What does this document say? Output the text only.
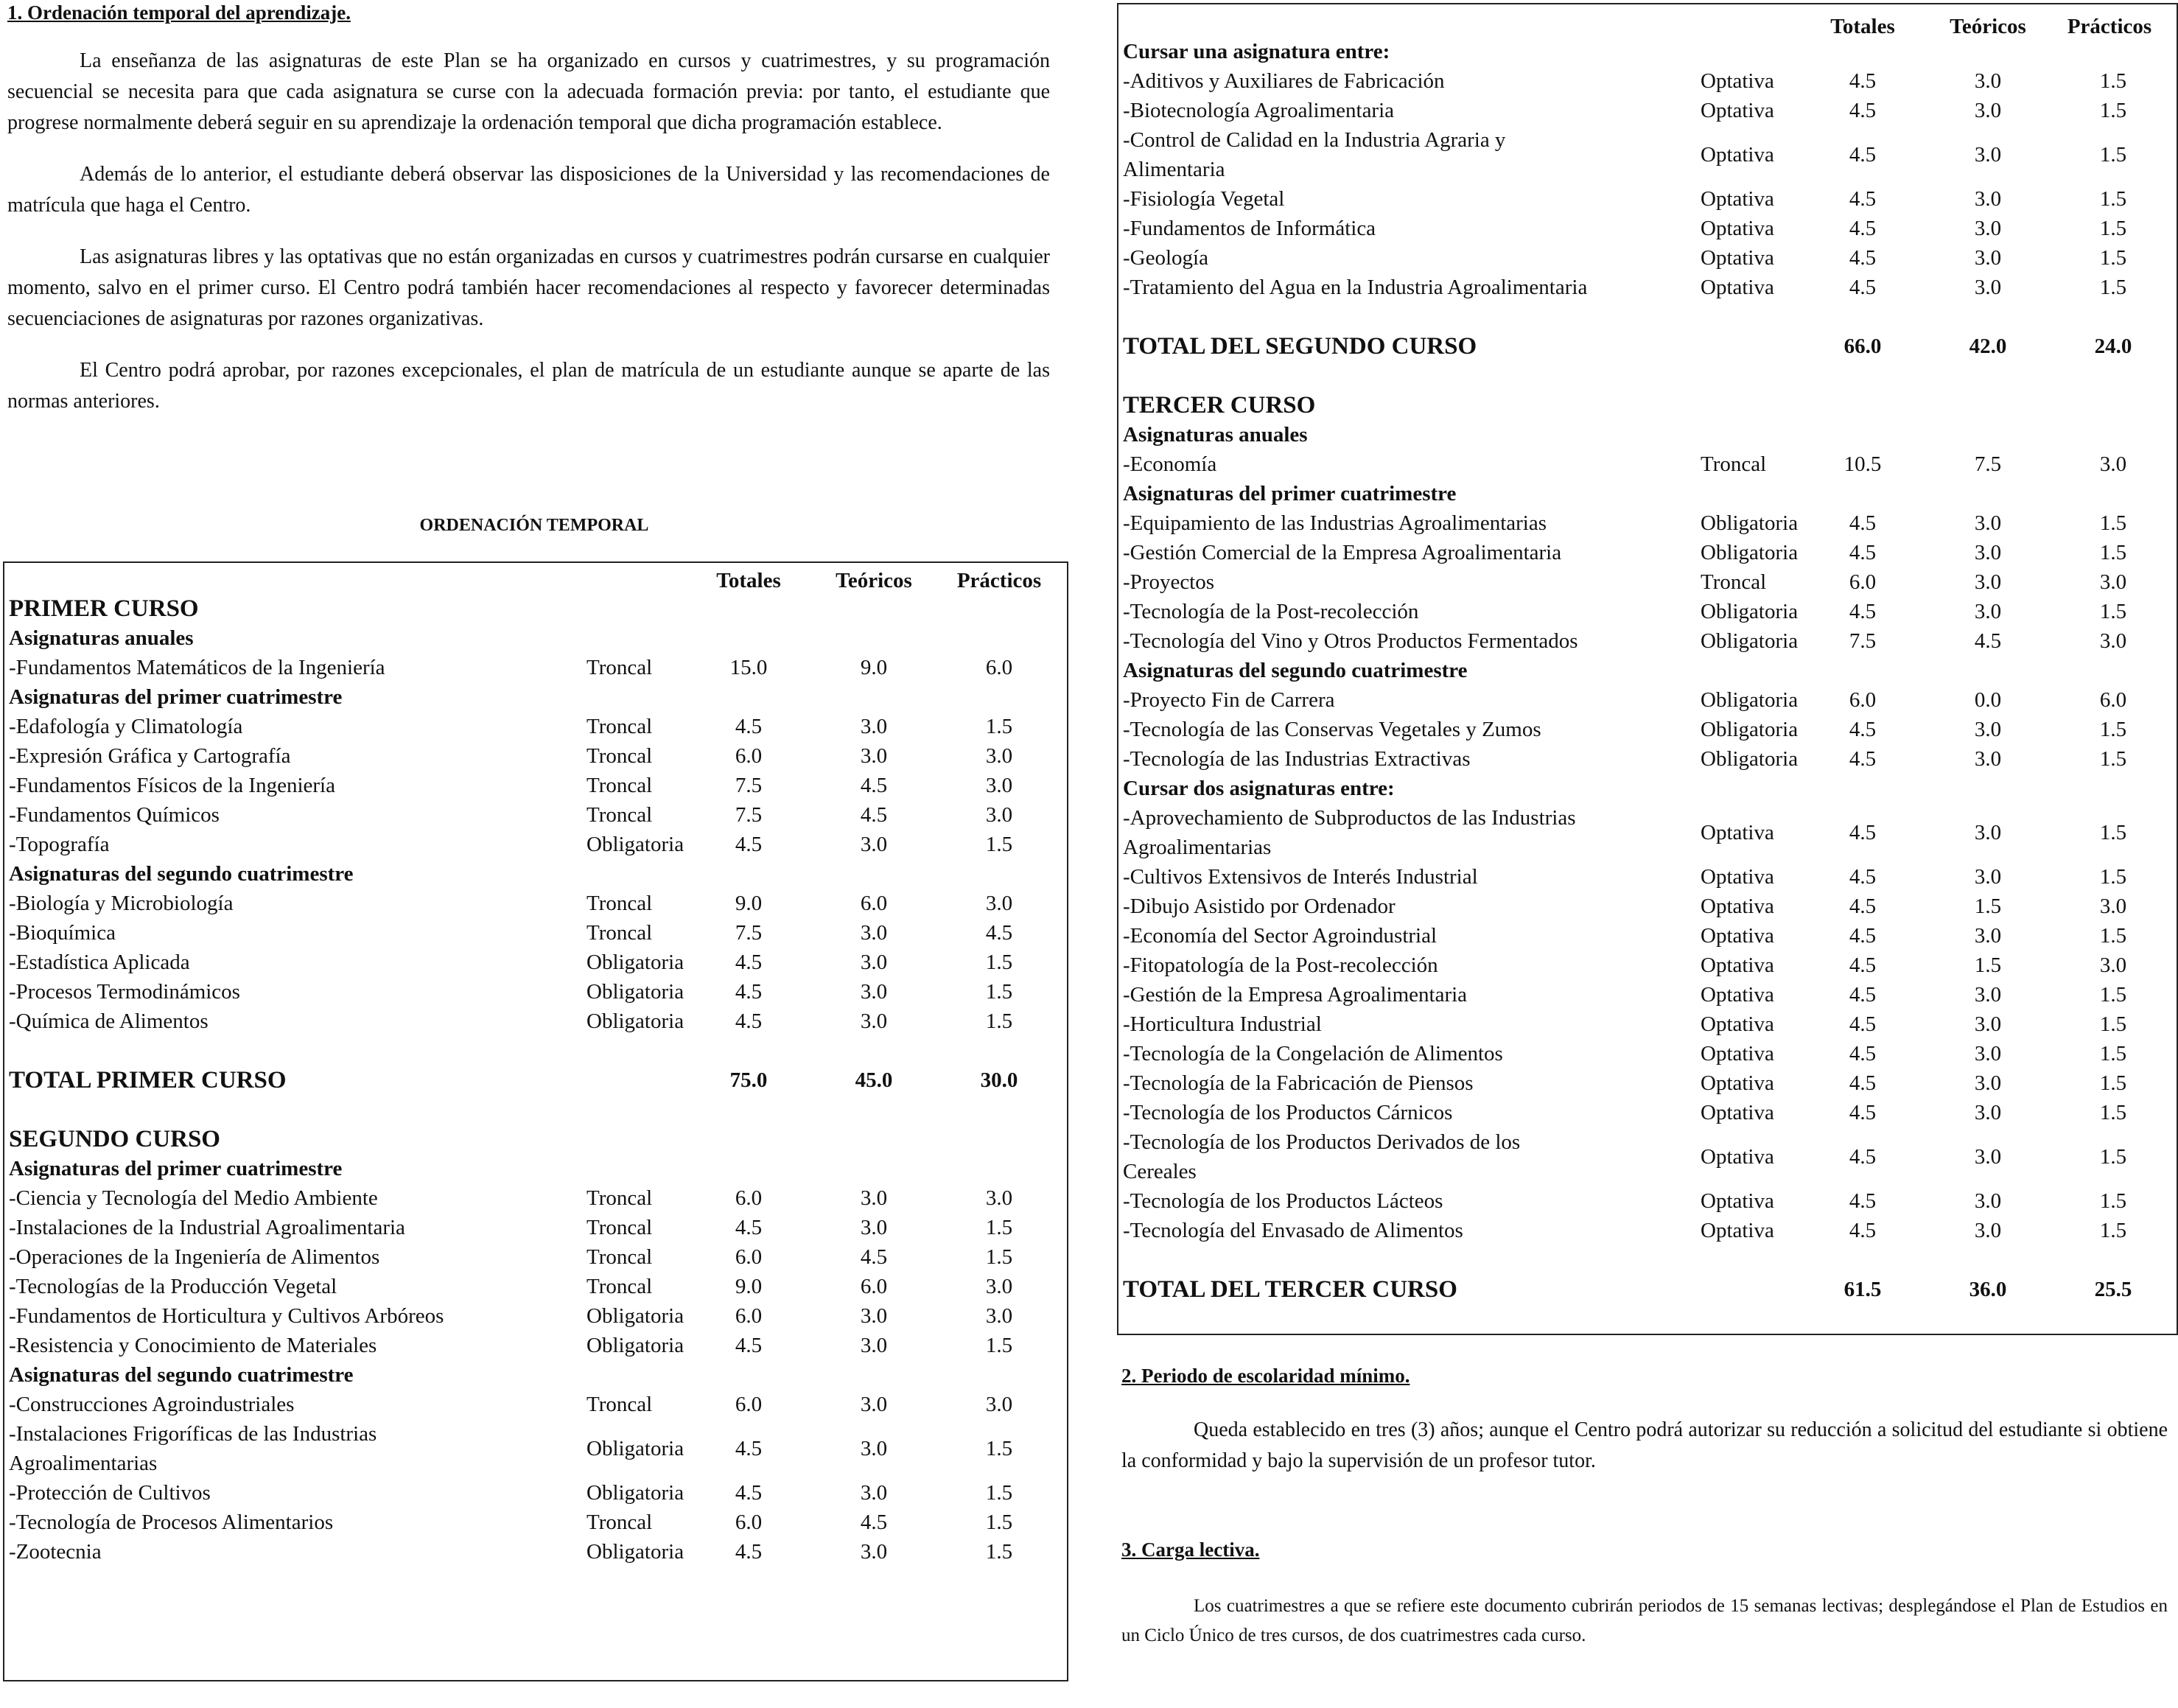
1. Ordenación temporal del aprendizaje.

La enseñanza de las asignaturas de este Plan se ha organizado en cursos y cuatrimestres, y su programación secuencial se necesita para que cada asignatura se curse con la adecuada formación previa: por tanto, el estudiante que progrese normalmente deberá seguir en su aprendizaje la ordenación temporal que dicha programación establece.

Además de lo anterior, el estudiante deberá observar las disposiciones de la Universidad y las recomendaciones de matrícula que haga el Centro.

Las asignaturas libres y las optativas que no están organizadas en cursos y cuatrimestres podrán cursarse en cualquier momento, salvo en el primer curso. El Centro podrá también hacer recomendaciones al respecto y favorecer determinadas secuenciaciones de asignaturas por razones organizativas.

El Centro podrá aprobar, por razones excepcionales, el plan de matrícula de un estudiante aunque se aparte de las normas anteriores.

ORDENACIÓN TEMPORAL
Totales	Teóricos	Prácticos
PRIMER CURSO
Asignaturas anuales
-Fundamentos Matemáticos de la Ingeniería	Troncal	15.0	9.0	6.0
Asignaturas del primer cuatrimestre
-Edafología y Climatología	Troncal	4.5	3.0	1.5
-Expresión Gráfica y Cartografía	Troncal	6.0	3.0	3.0
-Fundamentos Físicos de la Ingeniería	Troncal	7.5	4.5	3.0
-Fundamentos Químicos	Troncal	7.5	4.5	3.0
-Topografía	Obligatoria	4.5	3.0	1.5
Asignaturas del segundo cuatrimestre
-Biología y Microbiología	Troncal	9.0	6.0	3.0
-Bioquímica	Troncal	7.5	3.0	4.5
-Estadística Aplicada	Obligatoria	4.5	3.0	1.5
-Procesos Termodinámicos	Obligatoria	4.5	3.0	1.5
-Química de Alimentos	Obligatoria	4.5	3.0	1.5
TOTAL PRIMER CURSO	75.0	45.0	30.0
SEGUNDO CURSO
Asignaturas del primer cuatrimestre
-Ciencia y Tecnología del Medio Ambiente	Troncal	6.0	3.0	3.0
-Instalaciones de la Industrial Agroalimentaria	Troncal	4.5	3.0	1.5
-Operaciones de la Ingeniería de Alimentos	Troncal	6.0	4.5	1.5
-Tecnologías de la Producción Vegetal	Troncal	9.0	6.0	3.0
-Fundamentos de Horticultura y Cultivos Arbóreos	Obligatoria	6.0	3.0	3.0
-Resistencia y Conocimiento de Materiales	Obligatoria	4.5	3.0	1.5
Asignaturas del segundo cuatrimestre
-Construcciones Agroindustriales	Troncal	6.0	3.0	3.0
-Instalaciones Frigoríficas de las Industrias
Agroalimentarias
Obligatoria	4.5	3.0	1.5
-Protección de Cultivos	Obligatoria	4.5	3.0	1.5
-Tecnología de Procesos Alimentarios	Troncal	6.0	4.5	1.5
-Zootecnia	Obligatoria	4.5	3.0	1.5
Totales	Teóricos	Prácticos
Cursar una asignatura entre:
-Aditivos y Auxiliares de Fabricación	Optativa	4.5	3.0	1.5
-Biotecnología Agroalimentaria	Optativa	4.5	3.0	1.5
-Control de Calidad en la Industria Agraria y
Alimentaria
Optativa	4.5	3.0	1.5
-Fisiología Vegetal	Optativa	4.5	3.0	1.5
-Fundamentos de Informática	Optativa	4.5	3.0	1.5
-Geología	Optativa	4.5	3.0	1.5
-Tratamiento del Agua en la Industria Agroalimentaria	Optativa	4.5	3.0	1.5
TOTAL DEL SEGUNDO CURSO	66.0	42.0	24.0
TERCER CURSO
Asignaturas anuales
-Economía	Troncal	10.5	7.5	3.0
Asignaturas del primer cuatrimestre
-Equipamiento de las Industrias Agroalimentarias	Obligatoria	4.5	3.0	1.5
-Gestión Comercial de la Empresa Agroalimentaria	Obligatoria	4.5	3.0	1.5
-Proyectos	Troncal	6.0	3.0	3.0
-Tecnología de la Post-recolección	Obligatoria	4.5	3.0	1.5
-Tecnología del Vino y Otros Productos Fermentados	Obligatoria	7.5	4.5	3.0
Asignaturas del segundo cuatrimestre
-Proyecto Fin de Carrera	Obligatoria	6.0	0.0	6.0
-Tecnología de las Conservas Vegetales y Zumos	Obligatoria	4.5	3.0	1.5
-Tecnología de las Industrias Extractivas	Obligatoria	4.5	3.0	1.5
Cursar dos asignaturas entre:
-Aprovechamiento de Subproductos de las Industrias
Agroalimentarias
Optativa	4.5	3.0	1.5
-Cultivos Extensivos de Interés Industrial	Optativa	4.5	3.0	1.5
-Dibujo Asistido por Ordenador	Optativa	4.5	1.5	3.0
-Economía del Sector Agroindustrial	Optativa	4.5	3.0	1.5
-Fitopatología de la Post-recolección	Optativa	4.5	1.5	3.0
-Gestión de la Empresa Agroalimentaria	Optativa	4.5	3.0	1.5
-Horticultura Industrial	Optativa	4.5	3.0	1.5
-Tecnología de la Congelación de Alimentos	Optativa	4.5	3.0	1.5
-Tecnología de la Fabricación de Piensos	Optativa	4.5	3.0	1.5
-Tecnología de los Productos Cárnicos	Optativa	4.5	3.0	1.5
-Tecnología de los Productos Derivados de los
Cereales
Optativa	4.5	3.0	1.5
-Tecnología de los Productos Lácteos	Optativa	4.5	3.0	1.5
-Tecnología del Envasado de Alimentos	Optativa	4.5	3.0	1.5
TOTAL DEL TERCER CURSO	61.5	36.0	25.5
2. Periodo de escolaridad mínimo.

Queda establecido en tres (3) años; aunque el Centro podrá autorizar su reducción a solicitud del estudiante si obtiene la conformidad y bajo la supervisión de un profesor tutor.

3. Carga lectiva.

Los cuatrimestres a que se refiere este documento cubrirán periodos de 15 semanas lectivas; desplegándose el Plan de Estudios en un Ciclo Único de tres cursos, de dos cuatrimestres cada curso.
